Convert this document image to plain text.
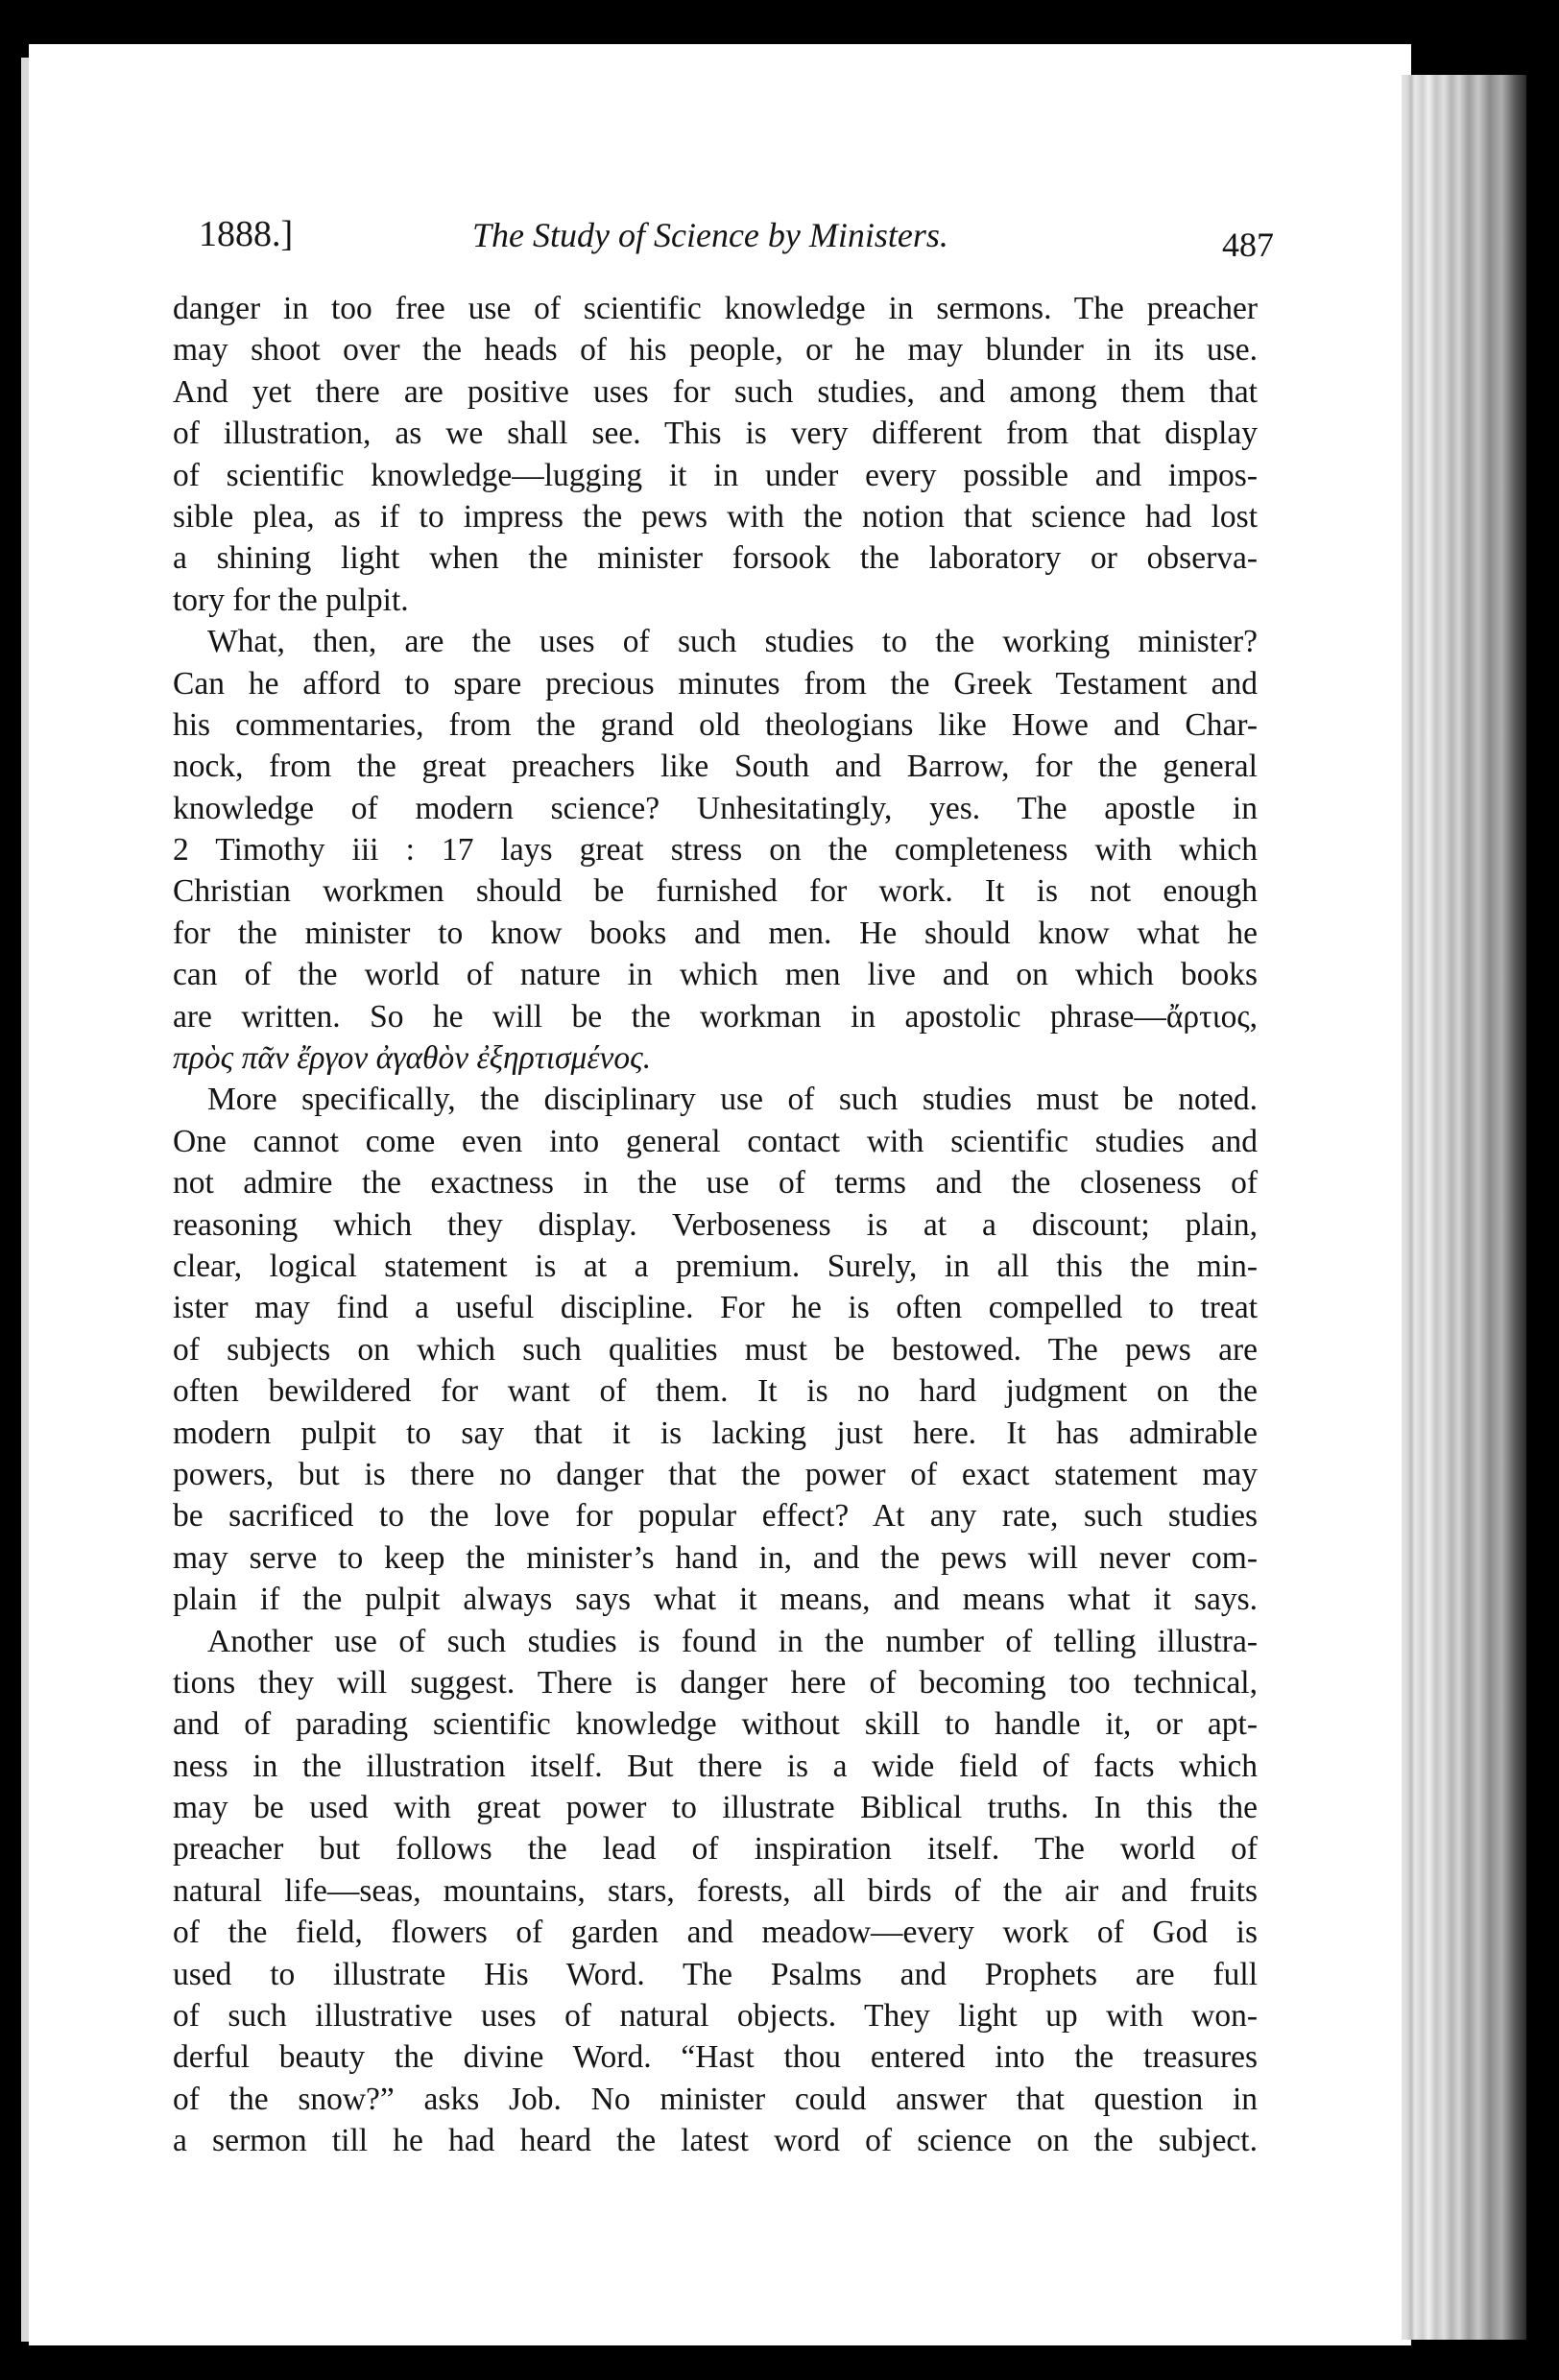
1888.]	The Study of Science by Ministers.	487
danger in too free use of scientific knowledge in sermons. The preacher
may shoot over the heads of his people, or he may blunder in its use.
And yet there are positive uses for such studies, and among them that
of illustration, as we shall see. This is very different from that display
of scientific knowledge—lugging it in under every possible and impos-
sible plea, as if to impress the pews with the notion that science had lost
a shining light when the minister forsook the laboratory or observa-
tory for the pulpit.
What, then, are the uses of such studies to the working minister?
Can he afford to spare precious minutes from the Greek Testament and
his commentaries, from the grand old theologians like Howe and Char-
nock, from the great preachers like South and Barrow, for the general
knowledge of modern science? Unhesitatingly, yes. The apostle in
2 Timothy iii : 17 lays great stress on the completeness with which
Christian workmen should be furnished for work. It is not enough
for the minister to know books and men. He should know what he
can of the world of nature in which men live and on which books
are written. So he will be the workman in apostolic phrase—ἄρτιος,
πρὸς πᾶν ἔργον ἀγαθὸν ἐξηρτισμένος.
More specifically, the disciplinary use of such studies must be noted.
One cannot come even into general contact with scientific studies and
not admire the exactness in the use of terms and the closeness of
reasoning which they display. Verboseness is at a discount; plain,
clear, logical statement is at a premium. Surely, in all this the min-
ister may find a useful discipline. For he is often compelled to treat
of subjects on which such qualities must be bestowed. The pews are
often bewildered for want of them. It is no hard judgment on the
modern pulpit to say that it is lacking just here. It has admirable
powers, but is there no danger that the power of exact statement may
be sacrificed to the love for popular effect? At any rate, such studies
may serve to keep the minister’s hand in, and the pews will never com-
plain if the pulpit always says what it means, and means what it says.
Another use of such studies is found in the number of telling illustra-
tions they will suggest. There is danger here of becoming too technical,
and of parading scientific knowledge without skill to handle it, or apt-
ness in the illustration itself. But there is a wide field of facts which
may be used with great power to illustrate Biblical truths. In this the
preacher but follows the lead of inspiration itself. The world of
natural life—seas, mountains, stars, forests, all birds of the air and fruits
of the field, flowers of garden and meadow—every work of God is
used to illustrate His Word. The Psalms and Prophets are full
of such illustrative uses of natural objects. They light up with won-
derful beauty the divine Word. “Hast thou entered into the treasures
of the snow?” asks Job. No minister could answer that question in
a sermon till he had heard the latest word of science on the subject.
